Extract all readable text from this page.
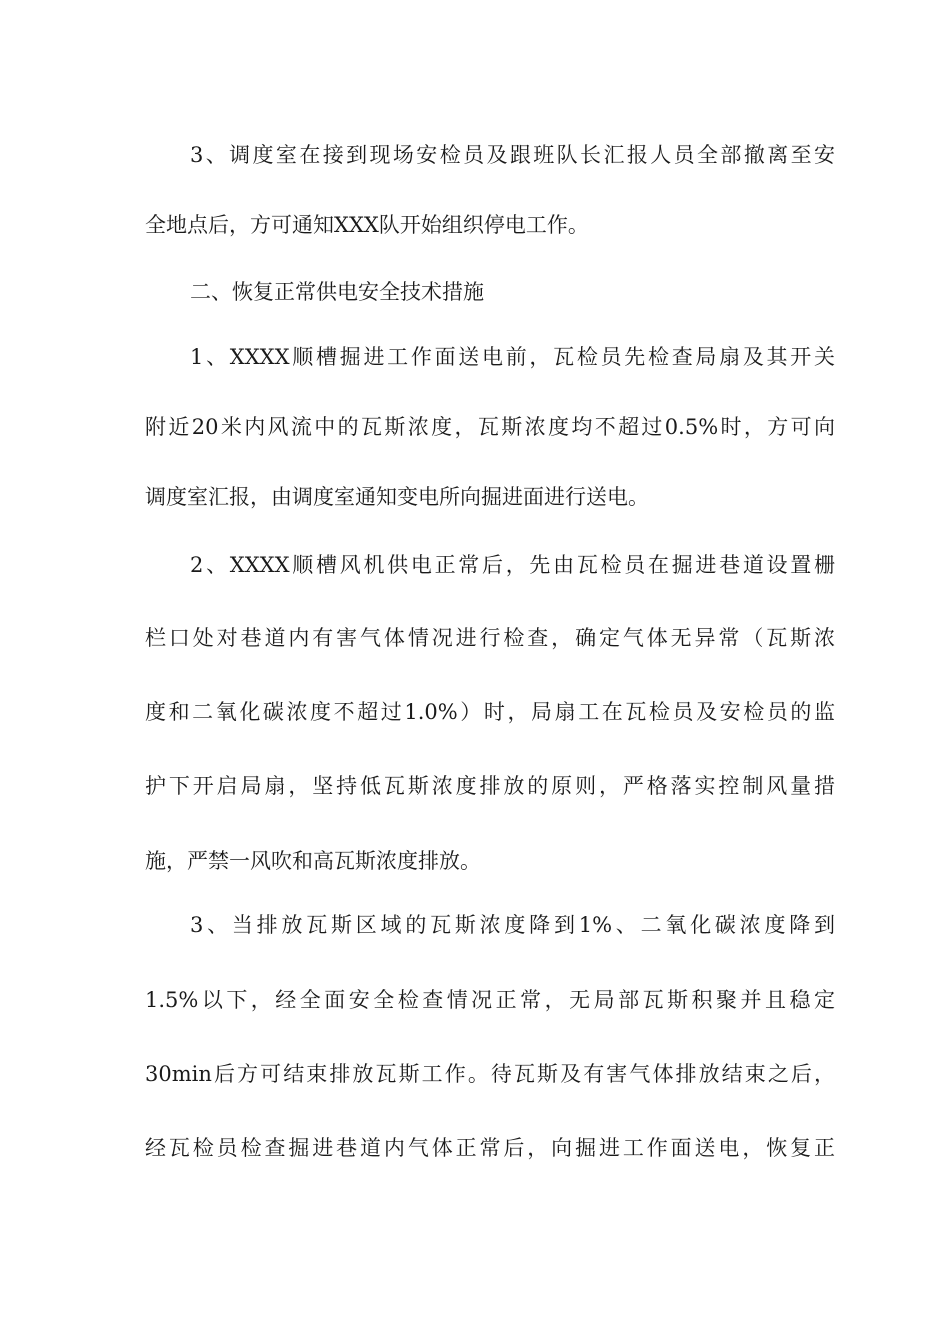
3、调度室在接到现场安检员及跟班队长汇报人员全部撤离至安
全地点后，方可通知XXX队开始组织停电工作。
二、恢复正常供电安全技术措施
1、XXXX顺槽掘进工作面送电前，瓦检员先检查局扇及其开关
附近20米内风流中的瓦斯浓度，瓦斯浓度均不超过0.5%时，方可向
调度室汇报，由调度室通知变电所向掘进面进行送电。
2、XXXX顺槽风机供电正常后，先由瓦检员在掘进巷道设置栅
栏口处对巷道内有害气体情况进行检查，确定气体无异常（瓦斯浓
度和二氧化碳浓度不超过1.0%）时，局扇工在瓦检员及安检员的监
护下开启局扇，坚持低瓦斯浓度排放的原则，严格落实控制风量措
施，严禁一风吹和高瓦斯浓度排放。
3、当排放瓦斯区域的瓦斯浓度降到1%、二氧化碳浓度降到
1.5%以下，经全面安全检查情况正常，无局部瓦斯积聚并且稳定
30min后方可结束排放瓦斯工作。待瓦斯及有害气体排放结束之后，
经瓦检员检查掘进巷道内气体正常后，向掘进工作面送电，恢复正
